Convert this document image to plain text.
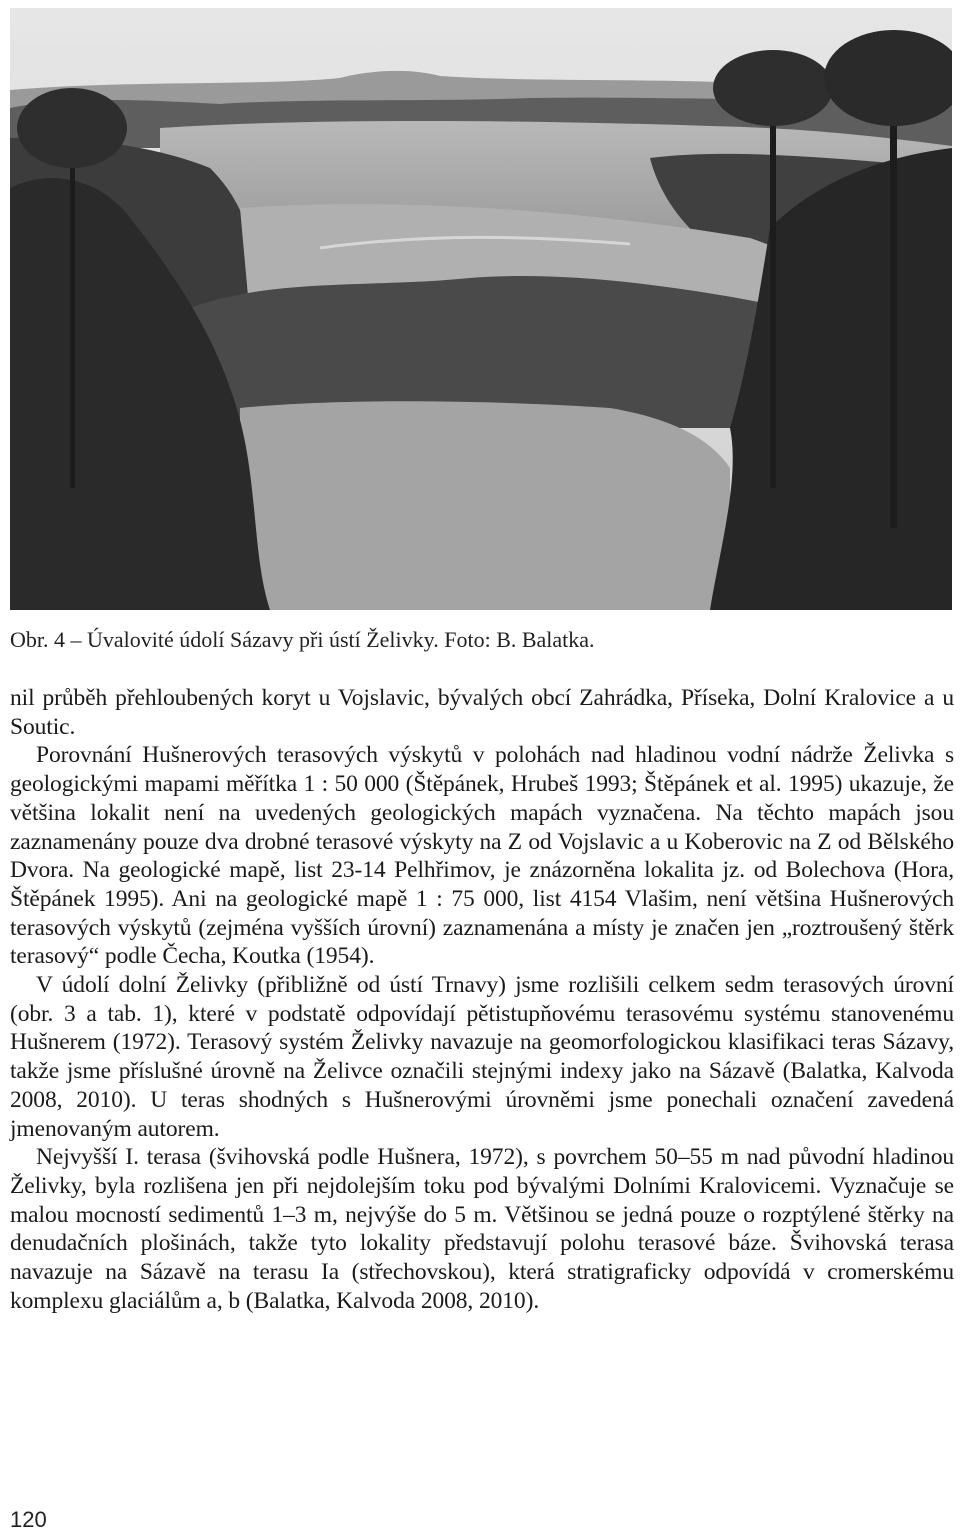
Obr. 4 – Úvalovité údolí Sázavy při ústí Želivky. Foto: B. Balatka.

nil průběh přehloubených koryt u Vojslavic, bývalých obcí Zahrádka, Příseka, Dolní Kralovice a u Soutic.

Porovnání Hušnerových terasových výskytů v polohách nad hladinou vodní nádrže Želivka s geologickými mapami měřítka 1 : 50 000 (Štěpánek, Hrubeš 1993; Štěpánek et al. 1995) ukazuje, že většina lokalit není na uvedených geologických mapách vyznačena. Na těchto mapách jsou zaznamenány pouze dva drobné terasové výskyty na Z od Vojslavic a u Koberovic na Z od Bělského Dvora. Na geologické mapě, list 23-14 Pelhřimov, je znázorněna lokalita jz. od Bolechova (Hora, Štěpánek 1995). Ani na geologické mapě 1 : 75 000, list 4154 Vlašim, není většina Hušnerových terasových výskytů (zejména vyšších úrovní) zaznamenána a místy je značen jen „roztroušený štěrk terasový“ podle Čecha, Koutka (1954).

V údolí dolní Želivky (přibližně od ústí Trnavy) jsme rozlišili celkem sedm terasových úrovní (obr. 3 a tab. 1), které v podstatě odpovídají pětistupňovému terasovému systému stanovenému Hušnerem (1972). Terasový systém Želivky navazuje na geomorfologickou klasifikaci teras Sázavy, takže jsme příslušné úrovně na Želivce označili stejnými indexy jako na Sázavě (Balatka, Kalvoda 2008, 2010). U teras shodných s Hušnerovými úrovněmi jsme ponechali označení zavedená jmenovaným autorem.

Nejvyšší I. terasa (švihovská podle Hušnera, 1972), s povrchem 50–55 m nad původní hladinou Želivky, byla rozlišena jen při nejdolejším toku pod bývalými Dolními Kralovicemi. Vyznačuje se malou mocností sedimentů 1–3 m, nejvýše do 5 m. Většinou se jedná pouze o rozptýlené štěrky na denudačních plošinách, takže tyto lokality představují polohu terasové báze. Švihovská terasa navazuje na Sázavě na terasu Ia (střechovskou), která stratigraficky odpovídá v cromerskému komplexu glaciálům a, b (Balatka, Kalvoda 2008, 2010).

120
